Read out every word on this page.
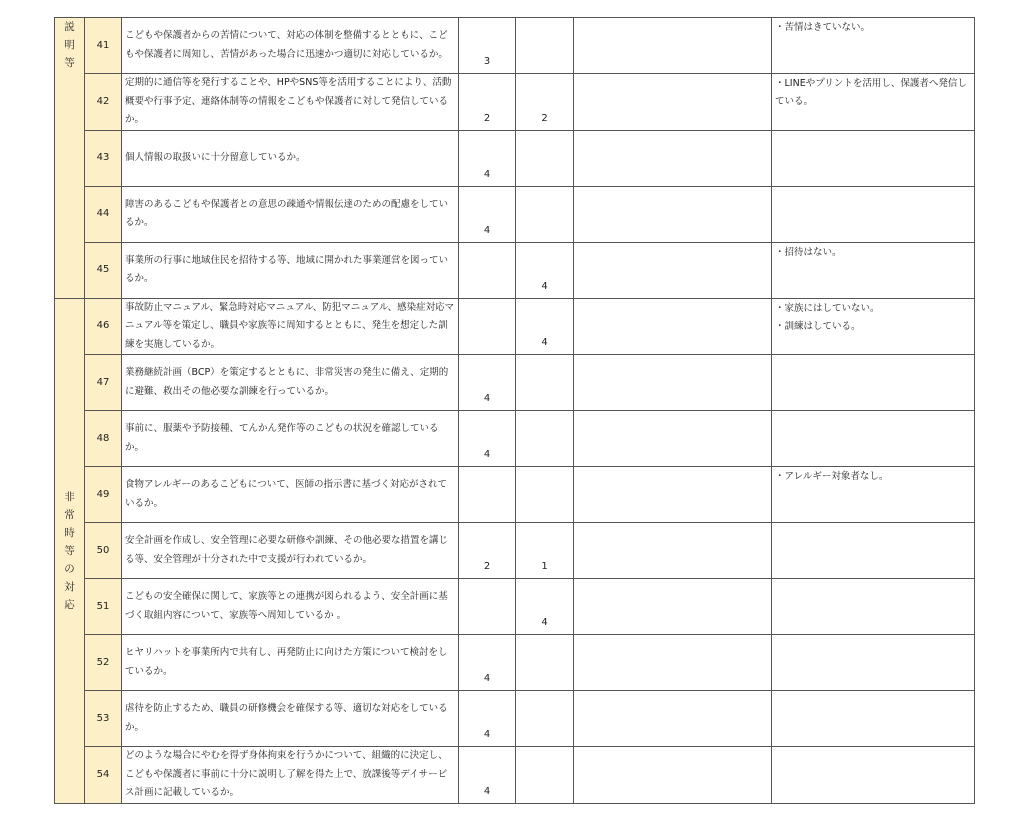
説明等	41	こどもや保護者からの苦情について、対応の体制を整備するとともに、こどもや保護者に周知し、苦情があった場合に迅速かつ適切に対応しているか。	3			・苦情はきていない。
	42	定期的に通信等を発行することや、HPやSNS等を活用することにより、活動概要や行事予定、連絡体制等の情報をこどもや保護者に対して発信しているか。	2	2		・LINEやプリントを活用し、保護者へ発信している。
	43	個人情報の取扱いに十分留意しているか。	4			

	44	障害のあるこどもや保護者との意思の疎通や情報伝達のための配慮をしているか。	4			

	45	事業所の行事に地域住民を招待する等、地域に開かれた事業運営を図っているか。		4		・招待はない。

非常時等の対応	46	事故防止マニュアル、緊急時対応マニュアル、防犯マニュアル、感染症対応マニュアル等を策定し、職員や家族等に周知するとともに、発生を想定した訓練を実施しているか。		4		・家族にはしていない。
・訓練はしている。
	47	業務継続計画（BCP）を策定するとともに、非常災害の発生に備え、定期的に避難、救出その他必要な訓練を行っているか。	4			

	48	事前に、服薬や予防接種、てんかん発作等のこどもの状況を確認しているか。	4			

	49	食物アレルギーのあるこどもについて、医師の指示書に基づく対応がされているか。				・アレルギー対象者なし。
	50	安全計画を作成し、安全管理に必要な研修や訓練、その他必要な措置を講じる等、安全管理が十分された中で支援が行われているか。	2	1		

	51	こどもの安全確保に関して、家族等との連携が図られるよう、安全計画に基づく取組内容について、家族等へ周知しているか 。		4		

	52	ヒヤリハットを事業所内で共有し、再発防止に向けた方策について検討をしているか。	4			

	53	虐待を防止するため、職員の研修機会を確保する等、適切な対応をしているか。	4			

	54	どのような場合にやむを得ず身体拘束を行うかについて、組織的に決定し、こどもや保護者に事前に十分に説明し了解を得た上で、放課後等デイサービス計画に記載しているか。	4			
